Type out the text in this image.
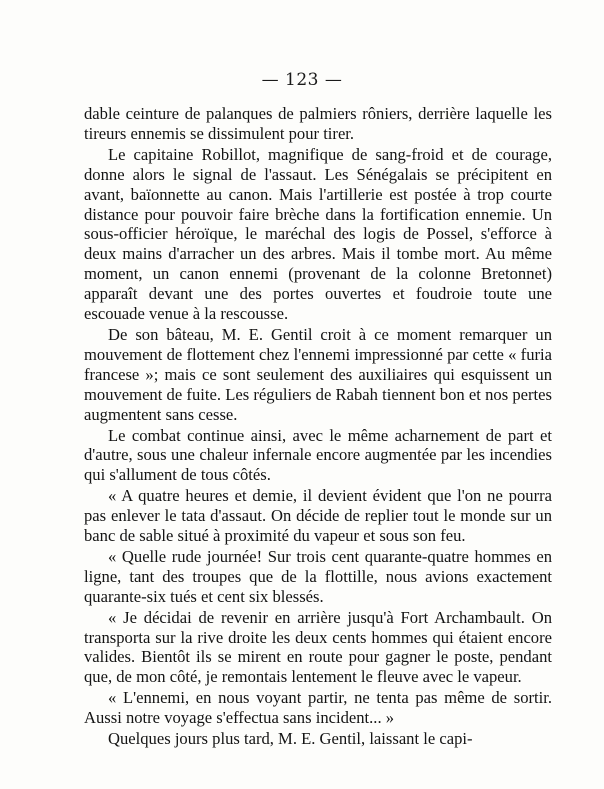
— 123 —

dable ceinture de palanques de palmiers rôniers, derrière laquelle les tireurs ennemis se dissimulent pour tirer.

Le capitaine Robillot, magnifique de sang-froid et de courage, donne alors le signal de l'assaut. Les Sénégalais se précipitent en avant, baïonnette au canon. Mais l'artillerie est postée à trop courte distance pour pouvoir faire brèche dans la fortification ennemie. Un sous-officier héroïque, le maréchal des logis de Possel, s'efforce à deux mains d'arracher un des arbres. Mais il tombe mort. Au même moment, un canon ennemi (provenant de la colonne Bretonnet) apparaît devant une des portes ouvertes et foudroie toute une escouade venue à la rescousse.

De son bâteau, M. E. Gentil croit à ce moment remarquer un mouvement de flottement chez l'ennemi impressionné par cette « furia francese »; mais ce sont seulement des auxiliaires qui esquissent un mouvement de fuite. Les réguliers de Rabah tiennent bon et nos pertes augmentent sans cesse.

Le combat continue ainsi, avec le même acharnement de part et d'autre, sous une chaleur infernale encore augmentée par les incendies qui s'allument de tous côtés.

« A quatre heures et demie, il devient évident que l'on ne pourra pas enlever le tata d'assaut. On décide de replier tout le monde sur un banc de sable situé à proximité du vapeur et sous son feu.

« Quelle rude journée! Sur trois cent quarante-quatre hommes en ligne, tant des troupes que de la flottille, nous avions exactement quarante-six tués et cent six blessés.

« Je décidai de revenir en arrière jusqu'à Fort Archambault. On transporta sur la rive droite les deux cents hommes qui étaient encore valides. Bientôt ils se mirent en route pour gagner le poste, pendant que, de mon côté, je remontais lentement le fleuve avec le vapeur.

« L'ennemi, en nous voyant partir, ne tenta pas même de sortir. Aussi notre voyage s'effectua sans incident... »

Quelques jours plus tard, M. E. Gentil, laissant le capi-
